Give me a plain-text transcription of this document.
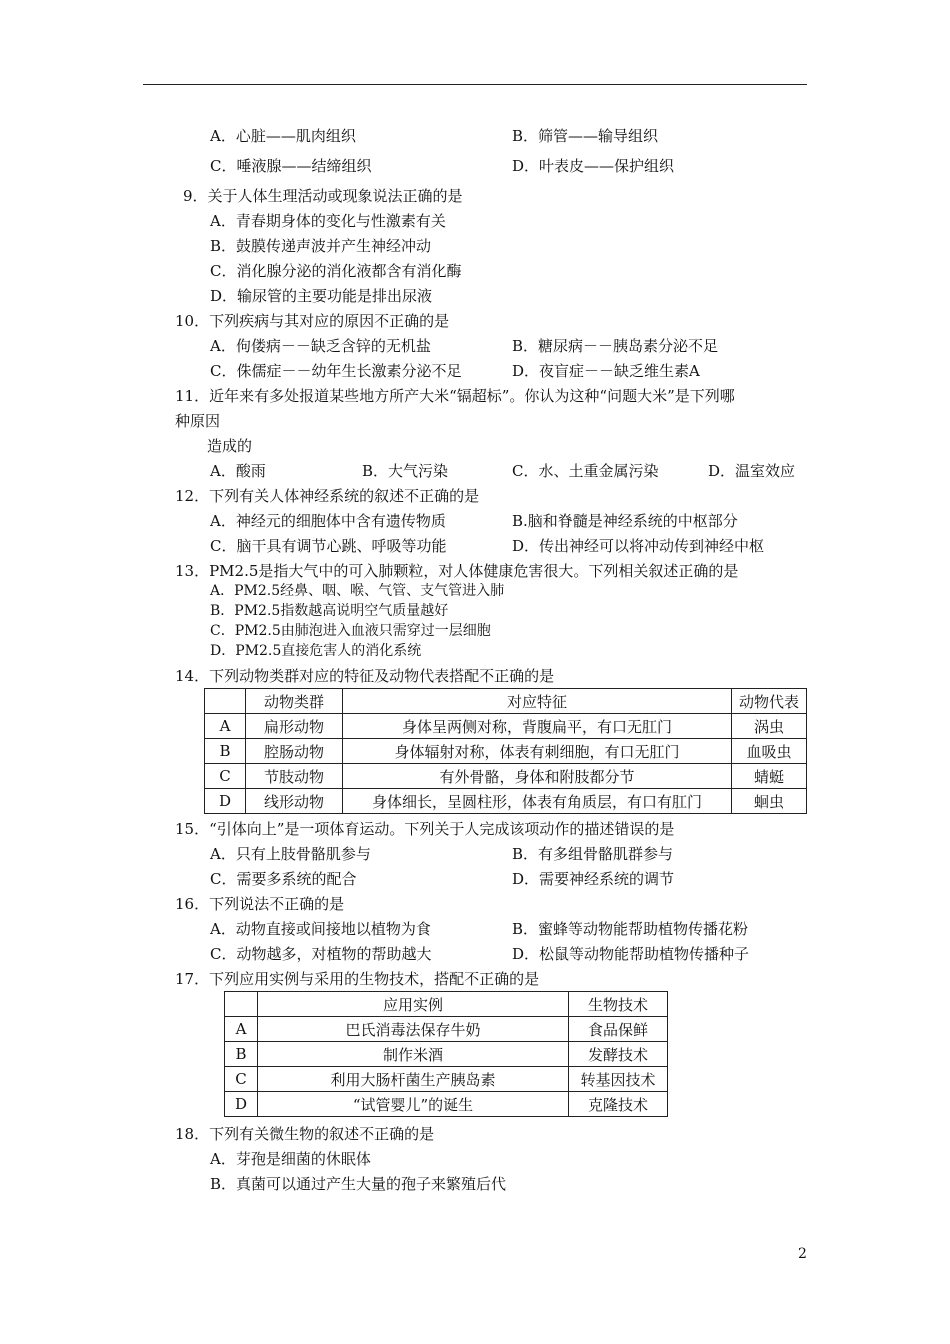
A．心脏——肌肉组织	B．筛管——输导组织
C．唾液腺——结缔组织	D．叶表皮——保护组织
9．关于人体生理活动或现象说法正确的是
A．青春期身体的变化与性激素有关
B．鼓膜传递声波并产生神经冲动
C．消化腺分泌的消化液都含有消化酶
D．输尿管的主要功能是排出尿液
10．下列疾病与其对应的原因不正确的是
A．佝偻病－－缺乏含锌的无机盐	B．糖尿病－－胰岛素分泌不足
C．侏儒症－－幼年生长激素分泌不足	D．夜盲症－－缺乏维生素A
11．近年来有多处报道某些地方所产大米“镉超标”。你认为这种“问题大米”是下列哪
种原因
造成的
A．酸雨	B．大气污染	C．水、土重金属污染	D．温室效应
12．下列有关人体神经系统的叙述不正确的是
A．神经元的细胞体中含有遗传物质	B.脑和脊髓是神经系统的中枢部分
C．脑干具有调节心跳、呼吸等功能	D．传出神经可以将冲动传到神经中枢
13．PM2.5是指大气中的可入肺颗粒，对人体健康危害很大。下列相关叙述正确的是
A．PM2.5经鼻、咽、喉、气管、支气管进入肺
B．PM2.5指数越高说明空气质量越好
C．PM2.5由肺泡进入血液只需穿过一层细胞
D．PM2.5直接危害人的消化系统
14．下列动物类群对应的特征及动物代表搭配不正确的是
	动物类群	对应特征	动物代表
A	扁形动物	身体呈两侧对称，背腹扁平，有口无肛门	涡虫
B	腔肠动物	身体辐射对称，体表有刺细胞，有口无肛门	血吸虫
C	节肢动物	有外骨骼，身体和附肢都分节	蜻蜓
D	线形动物	身体细长，呈圆柱形，体表有角质层，有口有肛门	蛔虫
15．“引体向上”是一项体育运动。下列关于人完成该项动作的描述错误的是
A．只有上肢骨骼肌参与	B．有多组骨骼肌群参与
C．需要多系统的配合	D．需要神经系统的调节
16．下列说法不正确的是
A．动物直接或间接地以植物为食	B．蜜蜂等动物能帮助植物传播花粉
C．动物越多，对植物的帮助越大	D．松鼠等动物能帮助植物传播种子
17．下列应用实例与采用的生物技术，搭配不正确的是
	应用实例	生物技术
A	巴氏消毒法保存牛奶	食品保鲜
B	制作米酒	发酵技术
C	利用大肠杆菌生产胰岛素	转基因技术
D	“试管婴儿”的诞生	克隆技术
18．下列有关微生物的叙述不正确的是
A．芽孢是细菌的休眠体
B．真菌可以通过产生大量的孢子来繁殖后代
2
